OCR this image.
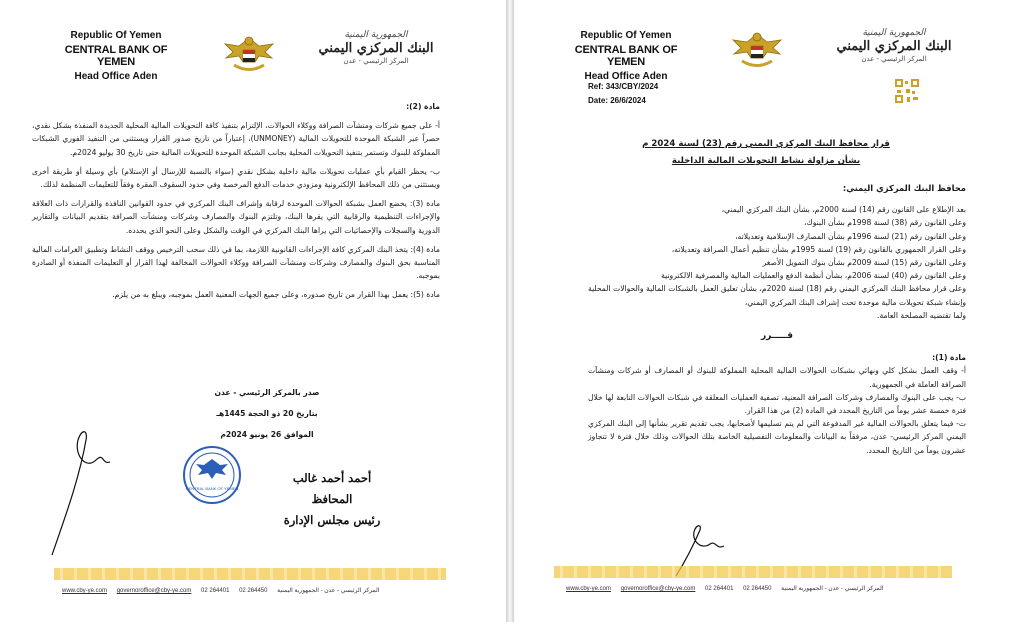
Republic Of Yemen
CENTRAL BANK OF YEMEN
Head Office Aden
الجمهورية اليمنية
البنك المركزي اليمني
المركز الرئيسي - عدن

مادة (2):

أ- على جميع شركات ومنشآت الصرافة ووكلاء الحوالات، الإلتزام بتنفيذ كافة التحويلات المالية المحلية الجديدة المنفذة بشكل نقدي، حصراً عبر الشبكة الموحدة للتحويلات المالية (UNMONEY)، إعتباراً من تاريخ صدور القرار ويستثنى من التنفيذ الفوري الشبكات المملوكة للبنوك وتستمر بتنفيذ التحويلات المحلية بجانب الشبكة الموحدة للتحويلات المالية حتى تاريخ 30 يوليو 2024م.

ب- يحظر القيام بأي عمليات تحويلات مالية داخلية بشكل نقدي (سواء بالنسبة للإرسال أو الإستلام) بأي وسيلة أو طريقة أخرى ويستثنى من ذلك المحافظ الإلكترونية ومزودي خدمات الدفع المرخصة وفي حدود السقوف المقرة وفقاً للتعليمات المنظمة لذلك.

مادة (3): يخضع العمل بشبكة الحوالات الموحدة لرقابة وإشراف البنك المركزي في حدود القوانين النافذة والقرارات ذات العلاقة والإجراءات التنظيمية والرقابية التي يقرها البنك، وتلتزم البنوك والمصارف وشركات ومنشآت الصرافة بتقديم البيانات والتقارير الدورية والسجلات والإحصائيات التي يراها البنك المركزي في الوقت والشكل وعلى النحو الذي يحدده.

مادة (4): يتخذ البنك المركزي كافة الإجراءات القانونية اللازمة، بما في ذلك سحب الترخيص ووقف النشاط وتطبيق الغرامات المالية المناسبة بحق البنوك والمصارف وشركات ومنشآت الصرافة ووكلاء الحوالات المخالفة لهذا القرار أو التعليمات المنفذة أو الصادرة بموجبه.

مادة (5): يعمل بهذا القرار من تاريخ صدوره، وعلى جميع الجهات المعنية العمل بموجبه، ويبلغ به من يلزم.

صدر بالمركز الرئيسي - عدن

بتاريخ 20 ذو الحجة 1445هـ

الموافق 26 يونيو 2024م

CENTRAL BANK OF YEMEN
أحمد أحمد غالب
المحافظ
رئيس مجلس الإدارة
www.cby-ye.com governoroffice@cby-ye.com 02 264401 02 264450 المركز الرئيسي - عدن - الجمهورية اليمنية
Republic Of Yemen
CENTRAL BANK OF YEMEN
Head Office Aden
الجمهورية اليمنية
البنك المركزي اليمني
المركز الرئيسي - عدن
Ref: 343/CBY/2024
Date: 26/6/2024

قرار محافظ البنك المركزي اليمني رقم (23) لسنة 2024 م

بشأن مزاولة نشاط التحويلات المالية الداخلية

محافظ البنك المركزي اليمني:

بعد الإطلاع على القانون رقم (14) لسنة 2000م، بشأن البنك المركزي اليمني،

وعلى القانون رقم (38) لسنة 1998م بشأن البنوك،

وعلى القانون رقم (21) لسنة 1996م بشأن المصارف الإسلامية وتعديلاته،

وعلى القرار الجمهوري بالقانون رقم (19) لسنة 1995م بشأن تنظيم أعمال الصرافة وتعديلاته،

وعلى القانون رقم (15) لسنة 2009م بشأن بنوك التمويل الأصغر

وعلى القانون رقم (40) لسنة 2006م، بشأن أنظمة الدفع والعمليات المالية والمصرفية الالكترونية

وعلى قرار محافظ البنك المركزي اليمني رقم (18) لسنة 2020م، بشأن تعليق العمل بالشبكات المالية والحوالات المحلية وإنشاء شبكة تحويلات مالية موحدة تحت إشراف البنك المركزي اليمني،

ولما تقتضيه المصلحة العامة.

قـــــرر

مادة (1):

أ- وقف العمل بشكل كلي ونهائي بشبكات الحوالات المالية المحلية المملوكة للبنوك أو المصارف أو شركات ومنشآت الصرافة العاملة في الجمهورية.

ب- يجب على البنوك والمصارف وشركات الصرافة المعنية، تصفية العمليات المعلقة في شبكات الحوالات التابعة لها خلال فترة خمسة عشر يوماً من التاريخ المحدد في المادة (2) من هذا القرار.

ت- فيما يتعلق بالحوالات المالية غير المدفوعة التي لم يتم تسليمها لأصحابها، يجب تقديم تقرير بشأنها إلى البنك المركزي اليمني المركز الرئيسي- عدن، مرفقاً به البيانات والمعلومات التفصيلية الخاصة بتلك الحوالات وذلك خلال فترة لا تتجاوز عشرون يوماً من التاريخ المحدد.

www.cby-ye.com governoroffice@cby-ye.com 02 264401 02 264450 المركز الرئيسي - عدن - الجمهورية اليمنية
